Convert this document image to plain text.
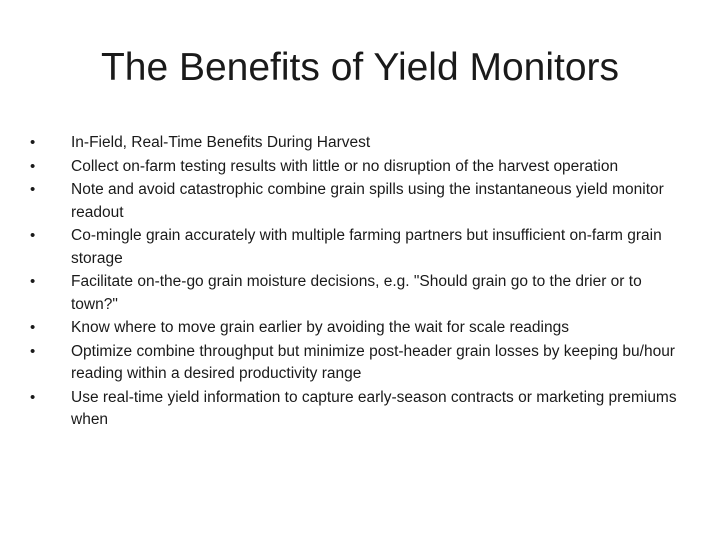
The Benefits of Yield Monitors
•	In-Field, Real-Time Benefits During Harvest
•	Collect on-farm testing results with little or no disruption of the harvest operation
•	Note and avoid catastrophic combine grain spills using the instantaneous yield monitor readout
•	Co-mingle grain accurately with multiple farming partners but insufficient on-farm grain storage
•	Facilitate on-the-go grain moisture decisions, e.g. "Should grain go to the drier or to town?"
•	Know where to move grain earlier by avoiding the wait for scale readings
•	Optimize combine throughput but minimize post-header grain losses by keeping bu/hour reading within a desired productivity range
•	Use real-time yield information to capture early-season contracts or marketing premiums when
